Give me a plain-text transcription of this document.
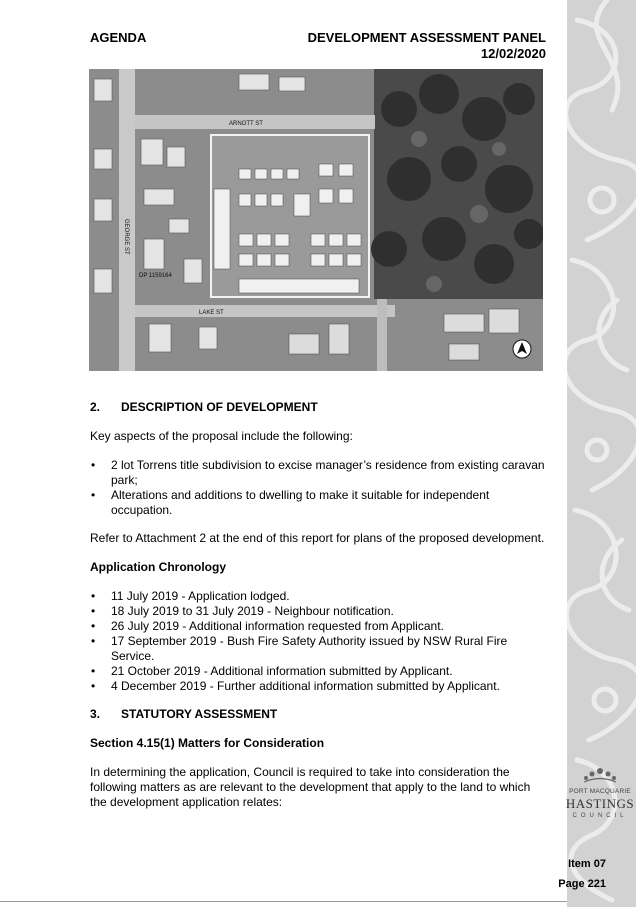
AGENDA	DEVELOPMENT ASSESSMENT PANEL
12/02/2020
ARNOTT ST
GEORGE ST
LAKE ST
DP 1159164
2.	DESCRIPTION OF DEVELOPMENT

Key aspects of the proposal include the following:

• 2 lot Torrens title subdivision to excise manager’s residence from existing caravan park;
• Alterations and additions to dwelling to make it suitable for independent occupation.

Refer to Attachment 2 at the end of this report for plans of the proposed development.

Application Chronology
• 11 July 2019 - Application lodged.
• 18 July 2019 to 31 July 2019 - Neighbour notification.
• 26 July 2019 - Additional information requested from Applicant.
• 17 September 2019 - Bush Fire Safety Authority issued by NSW Rural Fire Service.
• 21 October 2019 - Additional information submitted by Applicant.
• 4 December 2019 - Further additional information submitted by Applicant.
3.	STATUTORY ASSESSMENT
Section 4.15(1) Matters for Consideration

In determining the application, Council is required to take into consideration the following matters as are relevant to the development that apply to the land to which the development application relates:

PORT MACQUARIE
HASTINGS
COUNCIL
Item 07
Page 221
